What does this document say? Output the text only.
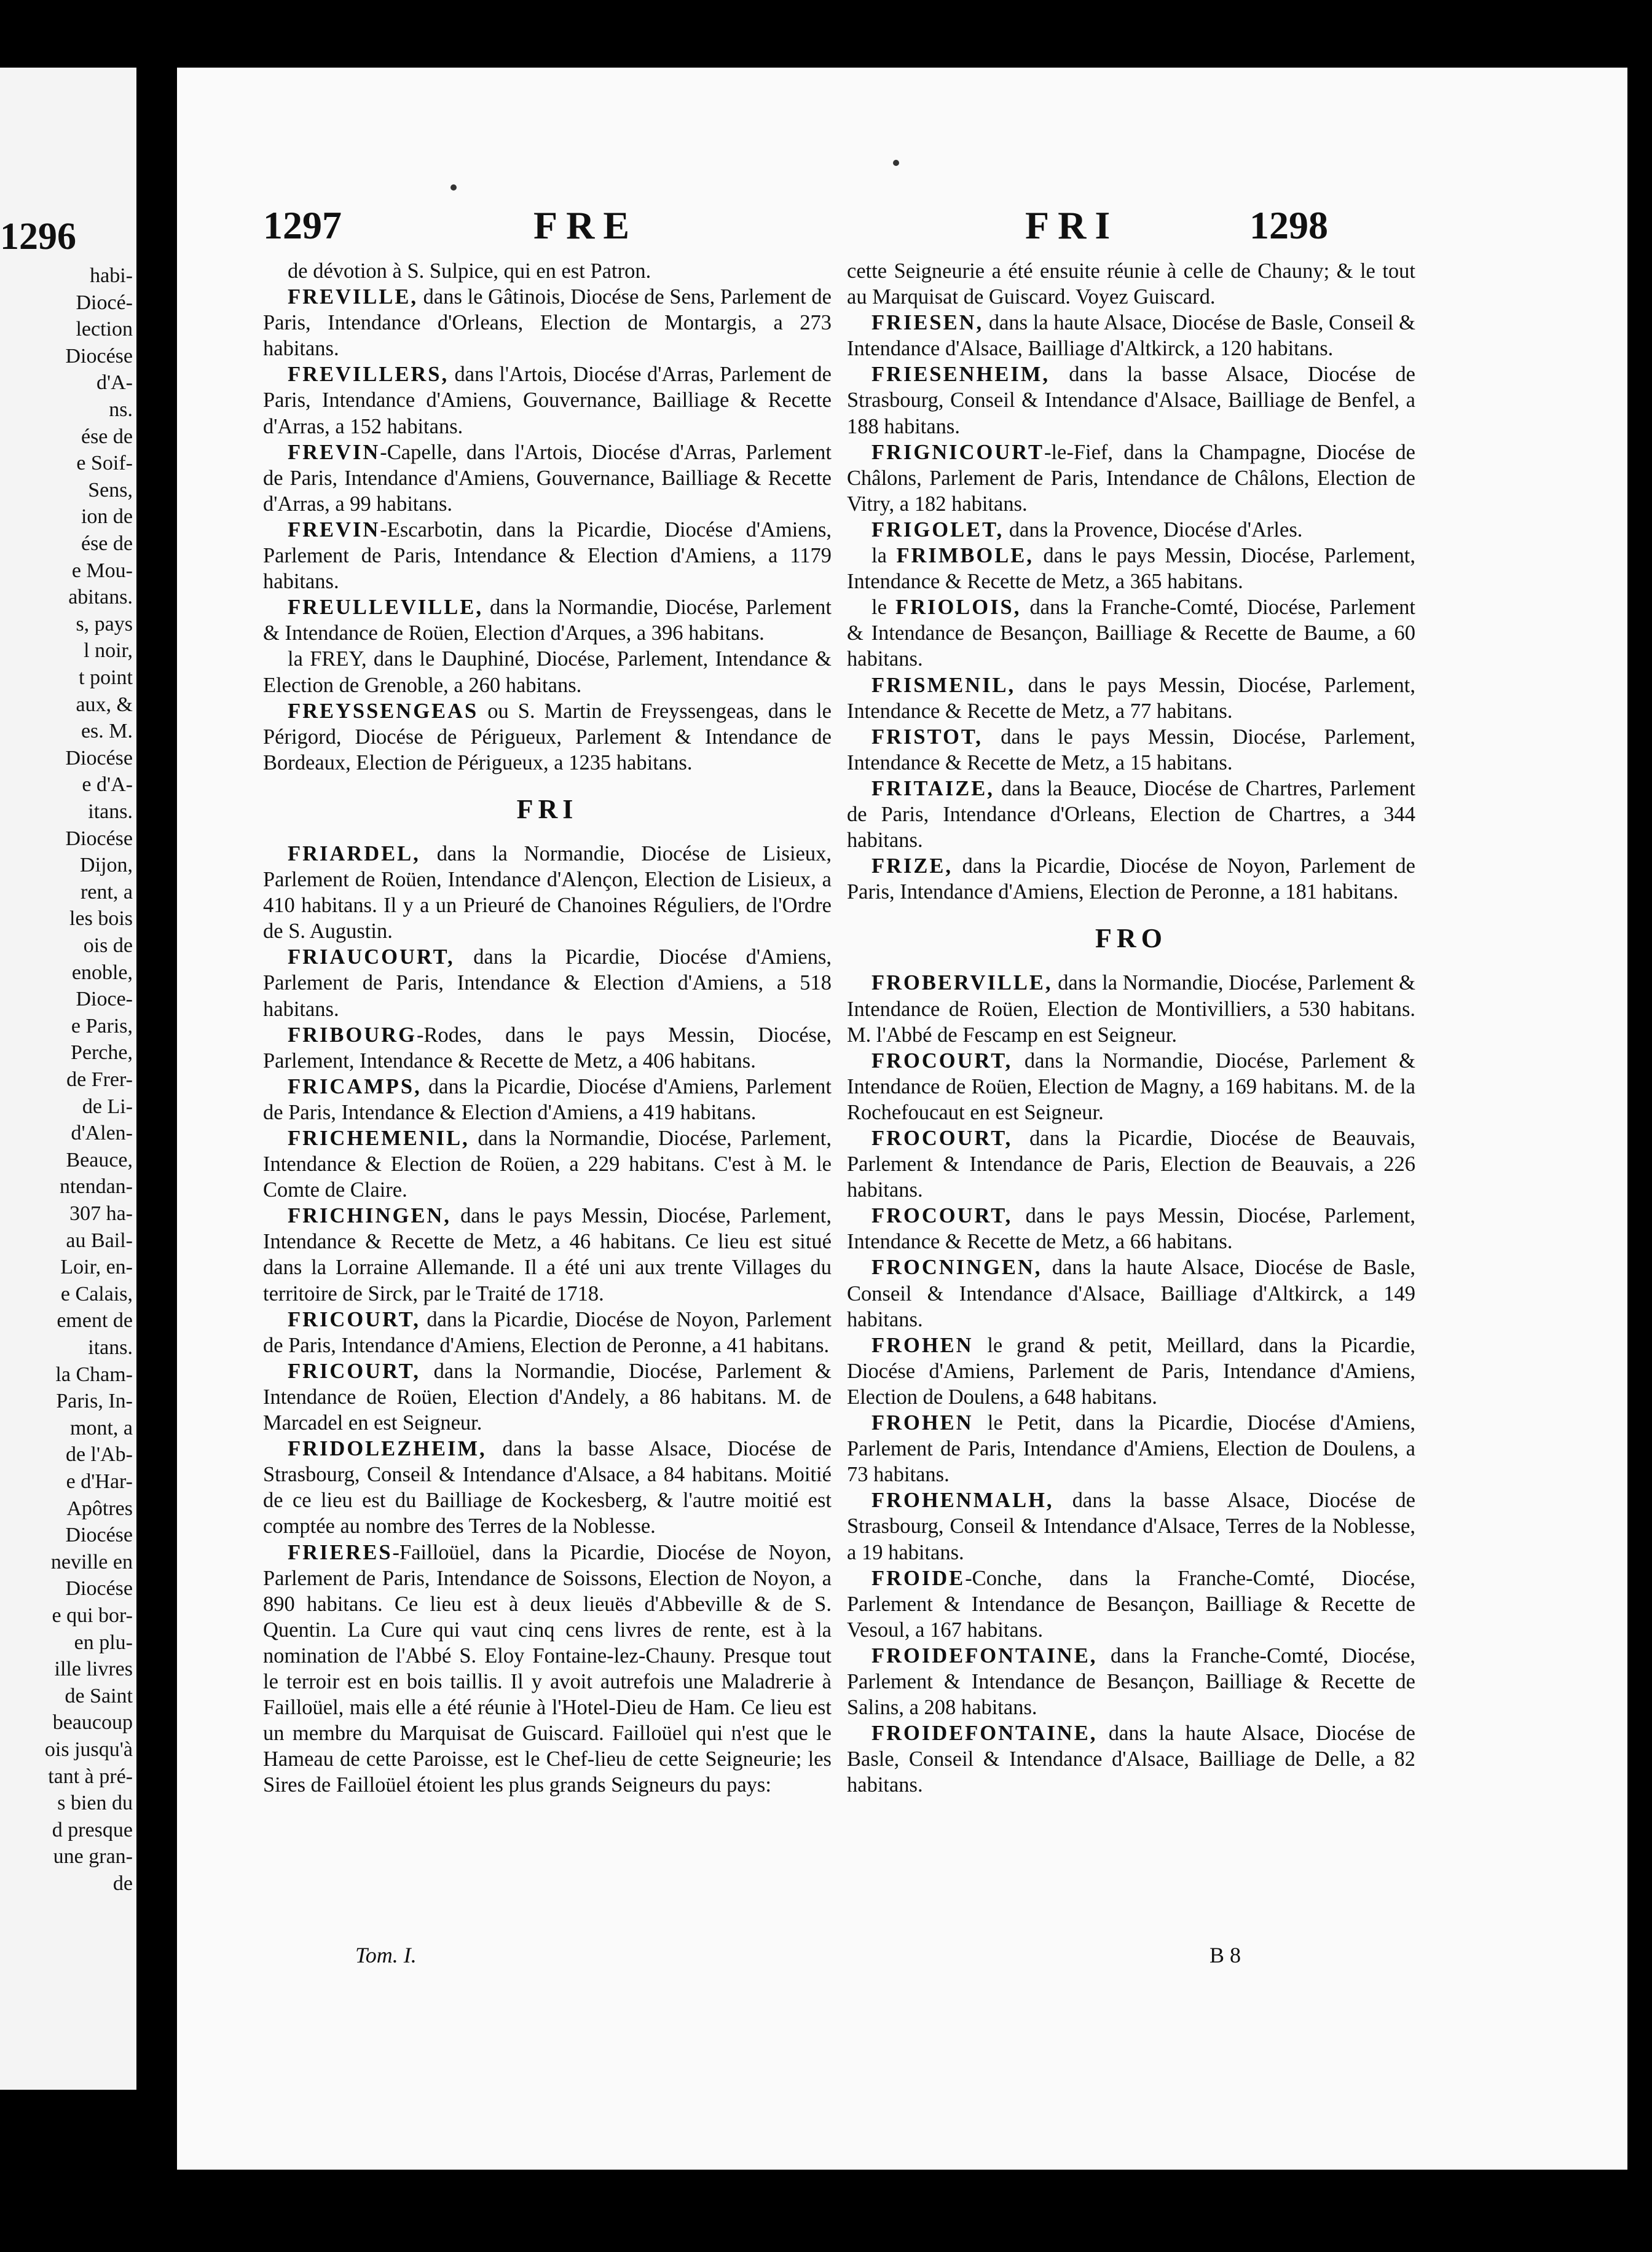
1296
habi-
Diocé-
lection
Diocése
d'A-
ns.
ése de
e Soif-
Sens,
ion de
ése de
e Mou-
abitans.
s, pays
l noir,
t point
aux, &
es. M.
Diocése
e d'A-
itans.
Diocése
Dijon,
rent, a
les bois
ois de
enoble,
Dioce-
e Paris,
Perche,
de Frer-
de Li-
d'Alen-
Beauce,
ntendan-
307 ha-
au Bail-
Loir, en-
e Calais,
ement de
itans.
la Cham-
Paris, In-
mont, a
de l'Ab-
e d'Har-
Apôtres
Diocése
neville en
Diocése
e qui bor-
en plu-
ille livres
de Saint
beaucoup
ois jusqu'à
tant à pré-
s bien du
d presque
une gran-
de
1297	FRE	FRI	1298

de dévotion à S. Sulpice, qui en est Patron.

FREVILLE, dans le Gâtinois, Diocése de Sens, Parlement de Paris, Intendance d'Orleans, Election de Montargis, a 273 habitans.

FREVILLERS, dans l'Artois, Diocése d'Arras, Parlement de Paris, Intendance d'Amiens, Gouvernance, Bailliage & Recette d'Arras, a 152 habitans.

FREVIN-Capelle, dans l'Artois, Diocése d'Arras, Parlement de Paris, Intendance d'Amiens, Gouvernance, Bailliage & Recette d'Arras, a 99 habitans.

FREVIN-Escarbotin, dans la Picardie, Diocése d'Amiens, Parlement de Paris, Intendance & Election d'Amiens, a 1179 habitans.

FREULLEVILLE, dans la Normandie, Diocése, Parlement & Intendance de Roüen, Election d'Arques, a 396 habitans.

la FREY, dans le Dauphiné, Diocése, Parlement, Intendance & Election de Grenoble, a 260 habitans.

FREYSSENGEAS ou S. Martin de Freyssengeas, dans le Périgord, Diocése de Périgueux, Parlement & Intendance de Bordeaux, Election de Périgueux, a 1235 habitans.

FRI

FRIARDEL, dans la Normandie, Diocése de Lisieux, Parlement de Roüen, Intendance d'Alençon, Election de Lisieux, a 410 habitans. Il y a un Prieuré de Chanoines Réguliers, de l'Ordre de S. Augustin.

FRIAUCOURT, dans la Picardie, Diocése d'Amiens, Parlement de Paris, Intendance & Election d'Amiens, a 518 habitans.

FRIBOURG-Rodes, dans le pays Messin, Diocése, Parlement, Intendance & Recette de Metz, a 406 habitans.

FRICAMPS, dans la Picardie, Diocése d'Amiens, Parlement de Paris, Intendance & Election d'Amiens, a 419 habitans.

FRICHEMENIL, dans la Normandie, Diocése, Parlement, Intendance & Election de Roüen, a 229 habitans. C'est à M. le Comte de Claire.

FRICHINGEN, dans le pays Messin, Diocése, Parlement, Intendance & Recette de Metz, a 46 habitans. Ce lieu est situé dans la Lorraine Allemande. Il a été uni aux trente Villages du territoire de Sirck, par le Traité de 1718.

FRICOURT, dans la Picardie, Diocése de Noyon, Parlement de Paris, Intendance d'Amiens, Election de Peronne, a 41 habitans.

FRICOURT, dans la Normandie, Diocése, Parlement & Intendance de Roüen, Election d'Andely, a 86 habitans. M. de Marcadel en est Seigneur.

FRIDOLEZHEIM, dans la basse Alsace, Diocése de Strasbourg, Conseil & Intendance d'Alsace, a 84 habitans. Moitié de ce lieu est du Bailliage de Kockesberg, & l'autre moitié est comptée au nombre des Terres de la Noblesse.

FRIERES-Failloüel, dans la Picardie, Diocése de Noyon, Parlement de Paris, Intendance de Soissons, Election de Noyon, a 890 habitans. Ce lieu est à deux lieuës d'Abbeville & de S. Quentin. La Cure qui vaut cinq cens livres de rente, est à la nomination de l'Abbé S. Eloy Fontaine-lez-Chauny. Presque tout le terroir est en bois taillis. Il y avoit autrefois une Maladrerie à Failloüel, mais elle a été réunie à l'Hotel-Dieu de Ham. Ce lieu est un membre du Marquisat de Guiscard. Failloüel qui n'est que le Hameau de cette Paroisse, est le Chef-lieu de cette Seigneurie; les Sires de Failloüel étoient les plus grands Seigneurs du pays:

cette Seigneurie a été ensuite réunie à celle de Chauny; & le tout au Marquisat de Guiscard. Voyez Guiscard.

FRIESEN, dans la haute Alsace, Diocése de Basle, Conseil & Intendance d'Alsace, Bailliage d'Altkirck, a 120 habitans.

FRIESENHEIM, dans la basse Alsace, Diocése de Strasbourg, Conseil & Intendance d'Alsace, Bailliage de Benfel, a 188 habitans.

FRIGNICOURT-le-Fief, dans la Champagne, Diocése de Châlons, Parlement de Paris, Intendance de Châlons, Election de Vitry, a 182 habitans.

FRIGOLET, dans la Provence, Diocése d'Arles.

la FRIMBOLE, dans le pays Messin, Diocése, Parlement, Intendance & Recette de Metz, a 365 habitans.

le FRIOLOIS, dans la Franche-Comté, Diocése, Parlement & Intendance de Besançon, Bailliage & Recette de Baume, a 60 habitans.

FRISMENIL, dans le pays Messin, Diocése, Parlement, Intendance & Recette de Metz, a 77 habitans.

FRISTOT, dans le pays Messin, Diocése, Parlement, Intendance & Recette de Metz, a 15 habitans.

FRITAIZE, dans la Beauce, Diocése de Chartres, Parlement de Paris, Intendance d'Orleans, Election de Chartres, a 344 habitans.

FRIZE, dans la Picardie, Diocése de Noyon, Parlement de Paris, Intendance d'Amiens, Election de Peronne, a 181 habitans.

FRO

FROBERVILLE, dans la Normandie, Diocése, Parlement & Intendance de Roüen, Election de Montivilliers, a 530 habitans. M. l'Abbé de Fescamp en est Seigneur.

FROCOURT, dans la Normandie, Diocése, Parlement & Intendance de Roüen, Election de Magny, a 169 habitans. M. de la Rochefoucaut en est Seigneur.

FROCOURT, dans la Picardie, Diocése de Beauvais, Parlement & Intendance de Paris, Election de Beauvais, a 226 habitans.

FROCOURT, dans le pays Messin, Diocése, Parlement, Intendance & Recette de Metz, a 66 habitans.

FROCNINGEN, dans la haute Alsace, Diocése de Basle, Conseil & Intendance d'Alsace, Bailliage d'Altkirck, a 149 habitans.

FROHEN le grand & petit, Meillard, dans la Picardie, Diocése d'Amiens, Parlement de Paris, Intendance d'Amiens, Election de Doulens, a 648 habitans.

FROHEN le Petit, dans la Picardie, Diocése d'Amiens, Parlement de Paris, Intendance d'Amiens, Election de Doulens, a 73 habitans.

FROHENMALH, dans la basse Alsace, Diocése de Strasbourg, Conseil & Intendance d'Alsace, Terres de la Noblesse, a 19 habitans.

FROIDE-Conche, dans la Franche-Comté, Diocése, Parlement & Intendance de Besançon, Bailliage & Recette de Vesoul, a 167 habitans.

FROIDEFONTAINE, dans la Franche-Comté, Diocése, Parlement & Intendance de Besançon, Bailliage & Recette de Salins, a 208 habitans.

FROIDEFONTAINE, dans la haute Alsace, Diocése de Basle, Conseil & Intendance d'Alsace, Bailliage de Delle, a 82 habitans.

Tom. I.	B 8
